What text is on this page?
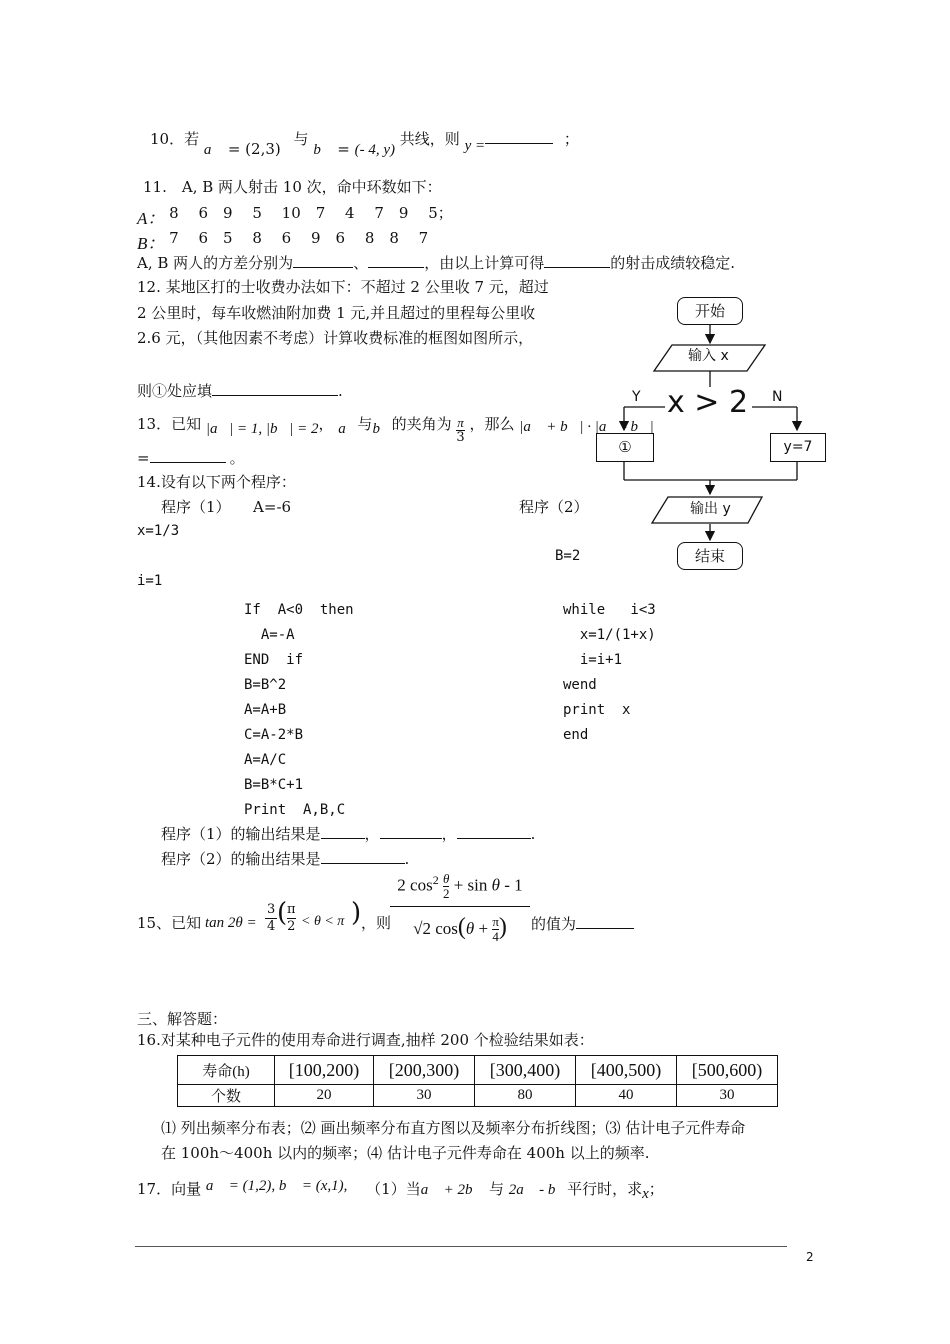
10．若 a⃗ = (2,3) 与 b⃗ = (- 4, y) 共线，则 y =	；
11.　A, B 两人射击 10 次，命中环数如下：
A： 8　 6　9　 5　 10　7　 4　 7　9　 5；
B： 7　 6　5　 8　 6　 9　6　 8　8　 7
A, B 两人的方差分别为	、	，由以上计算可得	的射击成绩较稳定.
12. 某地区打的士收费办法如下：不超过 2 公里收 7 元，超过
2 公里时，每车收燃油附加费 1 元,并且超过的里程每公里收
2.6 元，（其他因素不考虑）计算收费标准的框图如图所示，
则①处应填	.
开始
输入 x
x > 2
Y	N
①	y=7
输出 y
结束
13．已知 |a⃗| = 1, |b⃗| = 2， a⃗与b⃗的夹角为 $\frac{\pi}{3}$ ，那么 |a⃗ + b⃗| · |a⃗ - b⃗|
=	。
14.设有以下两个程序：
程序（1）　　A=-6	程序（2）
x=1/3
B=2
i=1
If  A<0  then
A=-A
END  if
B=B^2
A=A+B
C=A-2*B
A=A/C
B=B*C+1
Print  A,B,C
while   i<3
x=1/(1+x)
i=i+1
wend
print  x
end
程序（1）的输出结果是	，	，	.
程序（2）的输出结果是	.
15、已知 tan 2θ =
3
4 ( π
2 < θ < π ) ，则
$\frac{2 \cos^2 \frac{\theta}{2} + \sin \theta - 1}{√2 \cos(\theta + \frac{\pi}{4} )}$ 的值为
三、解答题：
16.对某种电子元件的使用寿命进行调查,抽样 200 个检验结果如表：
寿命(h)	[100,200)	[200,300)	[300,400)	[400,500)	[500,600)
个数	20	30	80	40	30
⑴ 列出频率分布表；⑵ 画出频率分布直方图以及频率分布折线图；⑶ 估计电子元件寿命
在 100h～400h 以内的频率；⑷ 估计电子元件寿命在 400h 以上的频率.
17．向量 a⃗ = (1,2), b⃗ = (x,1), （1）当a⃗ + 2b⃗ 与 2a⃗ - b⃗平行时，求x；
2
